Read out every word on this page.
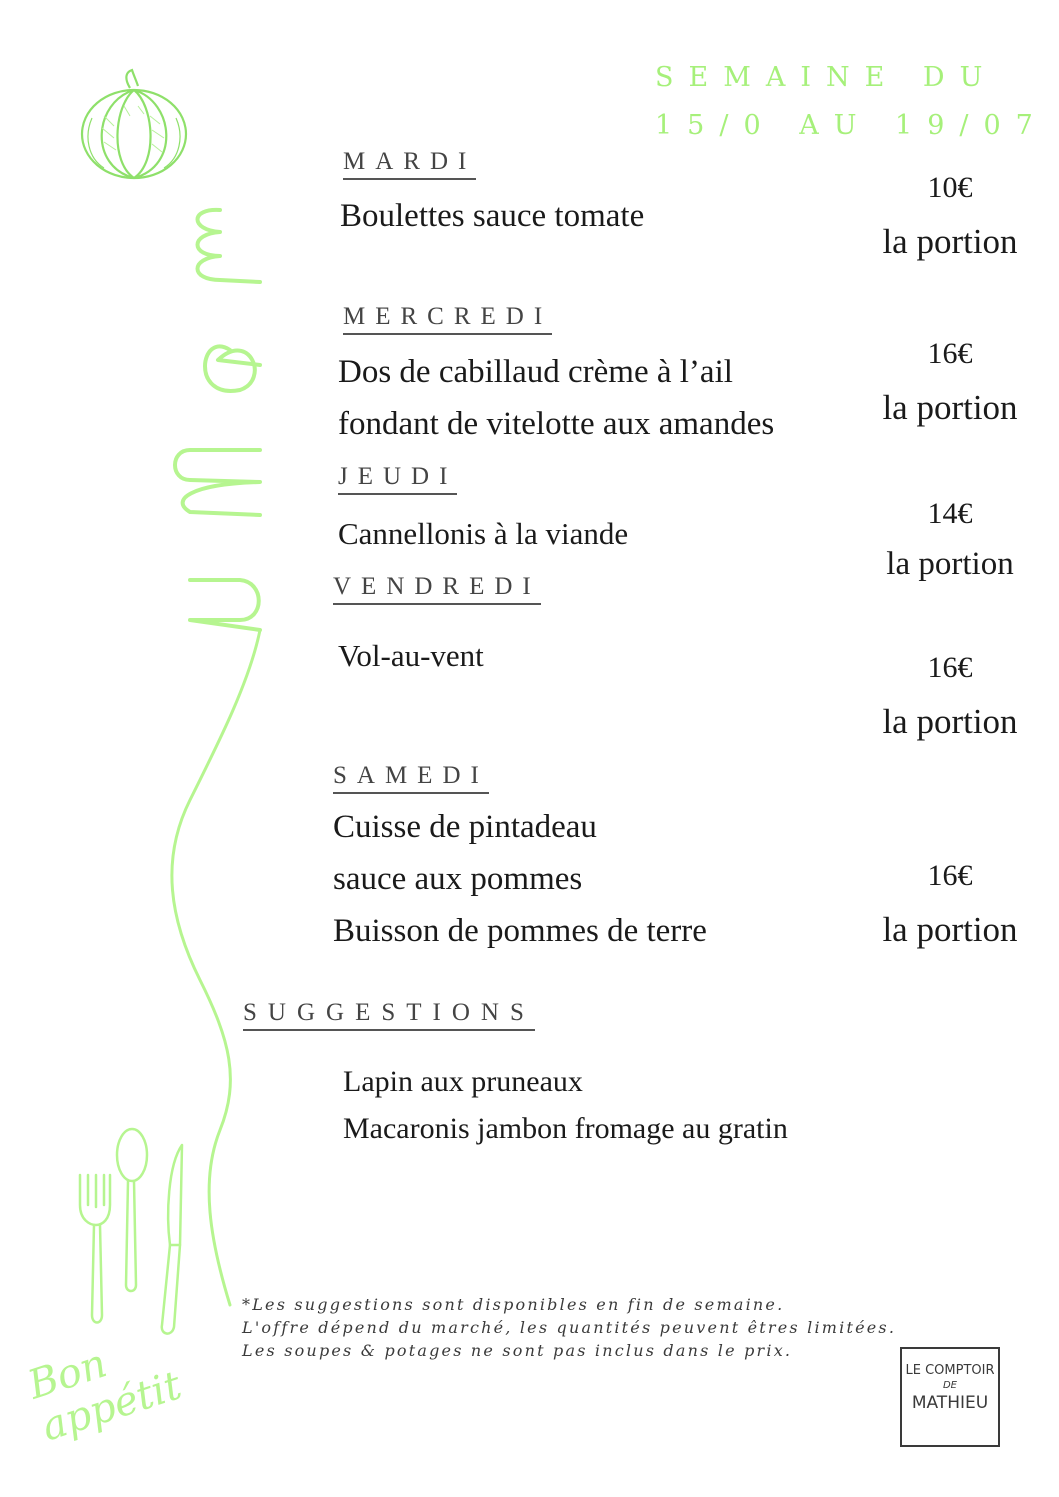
SEMAINE DU
15/0 AU 19/07
MARDI
Boulettes sauce tomate
10€
la portion
MERCREDI
Dos de cabillaud crème à l’ail
fondant de vitelotte aux amandes
16€
la portion
JEUDI
Cannellonis à la viande
14€
la portion
VENDREDI
Vol-au-vent	16€
la portion
SAMEDI
Cuisse de pintadeau
sauce aux pommes
Buisson de pommes de terre
16€
la portion
SUGGESTIONS
Lapin aux pruneaux
Macaronis jambon fromage au gratin
Bon appétit
*Les suggestions sont disponibles en fin de semaine.
L'offre dépend du marché, les quantités peuvent êtres limitées.
Les soupes & potages ne sont pas inclus dans le prix.
LE COMPTOIR
DE
MATHIEU
